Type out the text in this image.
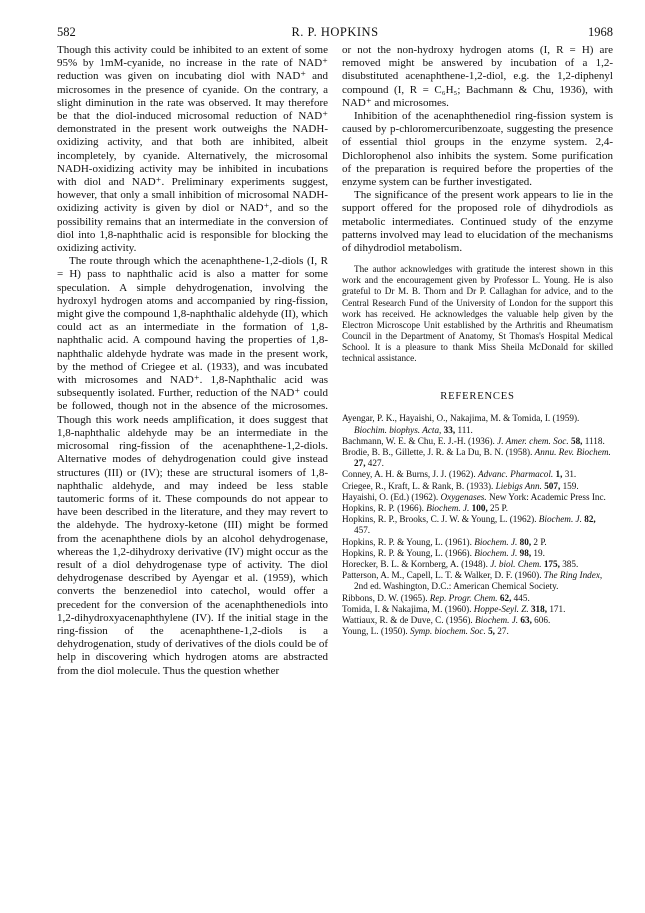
582	R. P. HOPKINS	1968

Though this activity could be inhibited to an extent of some 95% by 1mM-cyanide, no increase in the rate of NAD⁺ reduction was given on incubating diol with NAD⁺ and microsomes in the presence of cyanide. On the contrary, a slight diminution in the rate was observed. It may therefore be that the diol-induced microsomal reduction of NAD⁺ demonstrated in the present work outweighs the NADH-oxidizing activity, and that both are inhibited, albeit incompletely, by cyanide. Alternatively, the microsomal NADH-oxidizing activity may be inhibited in incubations with diol and NAD⁺. Preliminary experiments suggest, however, that only a small inhibition of microsomal NADH-oxidizing activity is given by diol or NAD⁺, and so the possibility remains that an intermediate in the conversion of diol into 1,8-naphthalic acid is responsible for blocking the oxidizing activity.

The route through which the acenaphthene-1,2-diols (I, R = H) pass to naphthalic acid is also a matter for some speculation. A simple dehydrogenation, involving the hydroxyl hydrogen atoms and accompanied by ring-fission, might give the compound 1,8-naphthalic aldehyde (II), which could act as an intermediate in the formation of 1,8-naphthalic acid. A compound having the properties of 1,8-naphthalic aldehyde hydrate was made in the present work, by the method of Criegee et al. (1933), and was incubated with microsomes and NAD⁺. 1,8-Naphthalic acid was subsequently isolated. Further, reduction of the NAD⁺ could be followed, though not in the absence of the microsomes. Though this work needs amplification, it does suggest that 1,8-naphthalic aldehyde may be an intermediate in the microsomal ring-fission of the acenaphthene-1,2-diols. Alternative modes of dehydrogenation could give instead structures (III) or (IV); these are structural isomers of 1,8-naphthalic aldehyde, and may indeed be less stable tautomeric forms of it. These compounds do not appear to have been described in the literature, and they may revert to the aldehyde. The hydroxy-ketone (III) might be formed from the acenaphthene diols by an alcohol dehydrogenase, whereas the 1,2-dihydroxy derivative (IV) might occur as the result of a diol dehydrogenase type of activity. The diol dehydrogenase described by Ayengar et al. (1959), which converts the benzenediol into catechol, would offer a precedent for the conversion of the acenaphthenediols into 1,2-dihydroxyacenaphthylene (IV). If the initial stage in the ring-fission of the acenaphthene-1,2-diols is a dehydrogenation, study of derivatives of the diols could be of help in discovering which hydrogen atoms are abstracted from the diol molecule. Thus the question whether

or not the non-hydroxy hydrogen atoms (I, R = H) are removed might be answered by incubation of a 1,2-disubstituted acenaphthene-1,2-diol, e.g. the 1,2-diphenyl compound (I, R = C₆H₅; Bachmann & Chu, 1936), with NAD⁺ and microsomes.

Inhibition of the acenaphthenediol ring-fission system is caused by p-chloromercuribenzoate, suggesting the presence of essential thiol groups in the enzyme system. 2,4-Dichlorophenol also inhibits the system. Some purification of the preparation is required before the properties of the enzyme system can be further investigated.

The significance of the present work appears to lie in the support offered for the proposed role of dihydrodiols as metabolic intermediates. Continued study of the enzyme patterns involved may lead to elucidation of the mechanisms of dihydrodiol metabolism.

The author acknowledges with gratitude the interest shown in this work and the encouragement given by Professor L. Young. He is also grateful to Dr M. B. Thorn and Dr P. Callaghan for advice, and to the Central Research Fund of the University of London for the support this work has received. He acknowledges the valuable help given by the Electron Microscope Unit established by the Arthritis and Rheumatism Council in the Department of Anatomy, St Thomas's Hospital Medical School. It is a pleasure to thank Miss Sheila McDonald for skilled technical assistance.

REFERENCES

Ayengar, P. K., Hayaishi, O., Nakajima, M. & Tomida, I. (1959). Biochim. biophys. Acta, 33, 111.
Bachmann, W. E. & Chu, E. J.-H. (1936). J. Amer. chem. Soc. 58, 1118.
Brodie, B. B., Gillette, J. R. & La Du, B. N. (1958). Annu. Rev. Biochem. 27, 427.
Conney, A. H. & Burns, J. J. (1962). Advanc. Pharmacol. 1, 31.
Criegee, R., Kraft, L. & Rank, B. (1933). Liebigs Ann. 507, 159.
Hayaishi, O. (Ed.) (1962). Oxygenases. New York: Academic Press Inc.
Hopkins, R. P. (1966). Biochem. J. 100, 25 P.
Hopkins, R. P., Brooks, C. J. W. & Young, L. (1962). Biochem. J. 82, 457.
Hopkins, R. P. & Young, L. (1961). Biochem. J. 80, 2 P.
Hopkins, R. P. & Young, L. (1966). Biochem. J. 98, 19.
Horecker, B. L. & Kornberg, A. (1948). J. biol. Chem. 175, 385.
Patterson, A. M., Capell, L. T. & Walker, D. F. (1960). The Ring Index, 2nd ed. Washington, D.C.: American Chemical Society.
Ribbons, D. W. (1965). Rep. Progr. Chem. 62, 445.
Tomida, I. & Nakajima, M. (1960). Hoppe-Seyl. Z. 318, 171.
Wattiaux, R. & de Duve, C. (1956). Biochem. J. 63, 606.
Young, L. (1950). Symp. biochem. Soc. 5, 27.
